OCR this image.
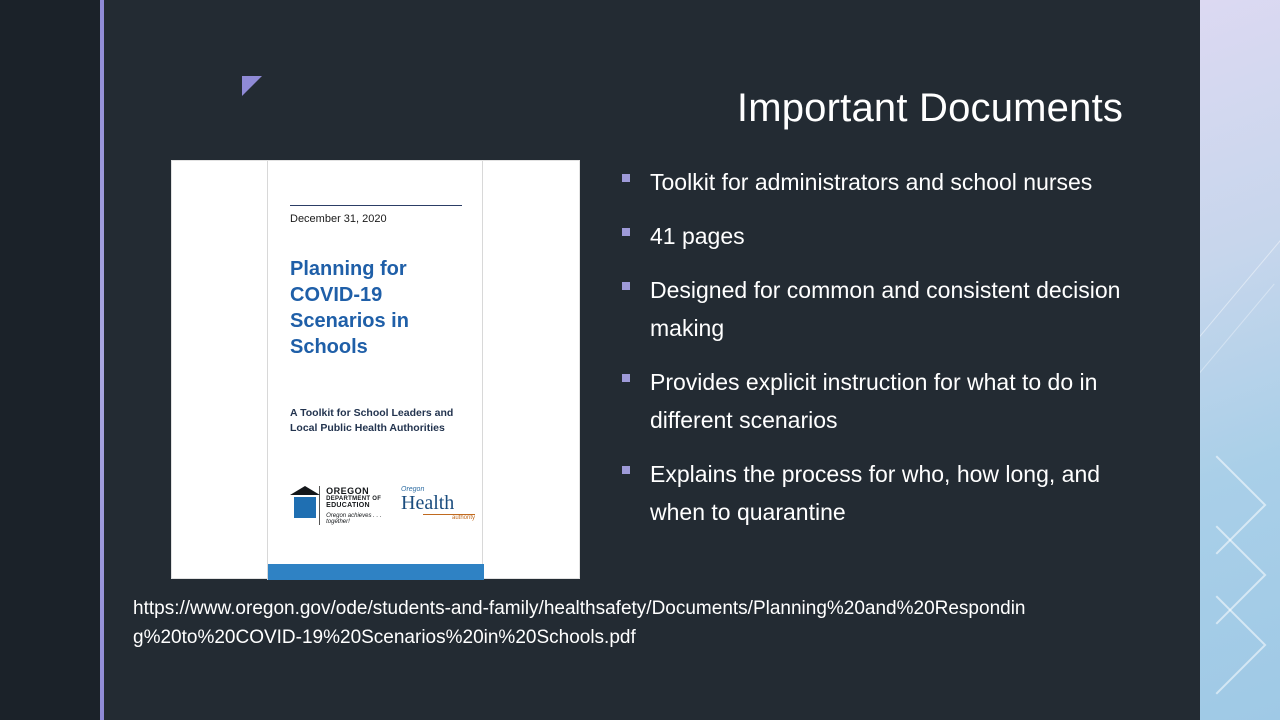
Important Documents
Toolkit for administrators and school nurses
41 pages
Designed for common and consistent decision making
Provides explicit instruction for what to do in different scenarios
Explains the process for who, how long, and when to quarantine
December 31, 2020
Planning for COVID-19 Scenarios in Schools
A Toolkit for School Leaders and Local Public Health Authorities
OREGON
DEPARTMENT OF
EDUCATION
Oregon achieves . . . together!
Oregon
Health
authority
https://www.oregon.gov/ode/students-and-family/healthsafety/Documents/Planning%20and%20Responding%20to%20COVID-19%20Scenarios%20in%20Schools.pdf
